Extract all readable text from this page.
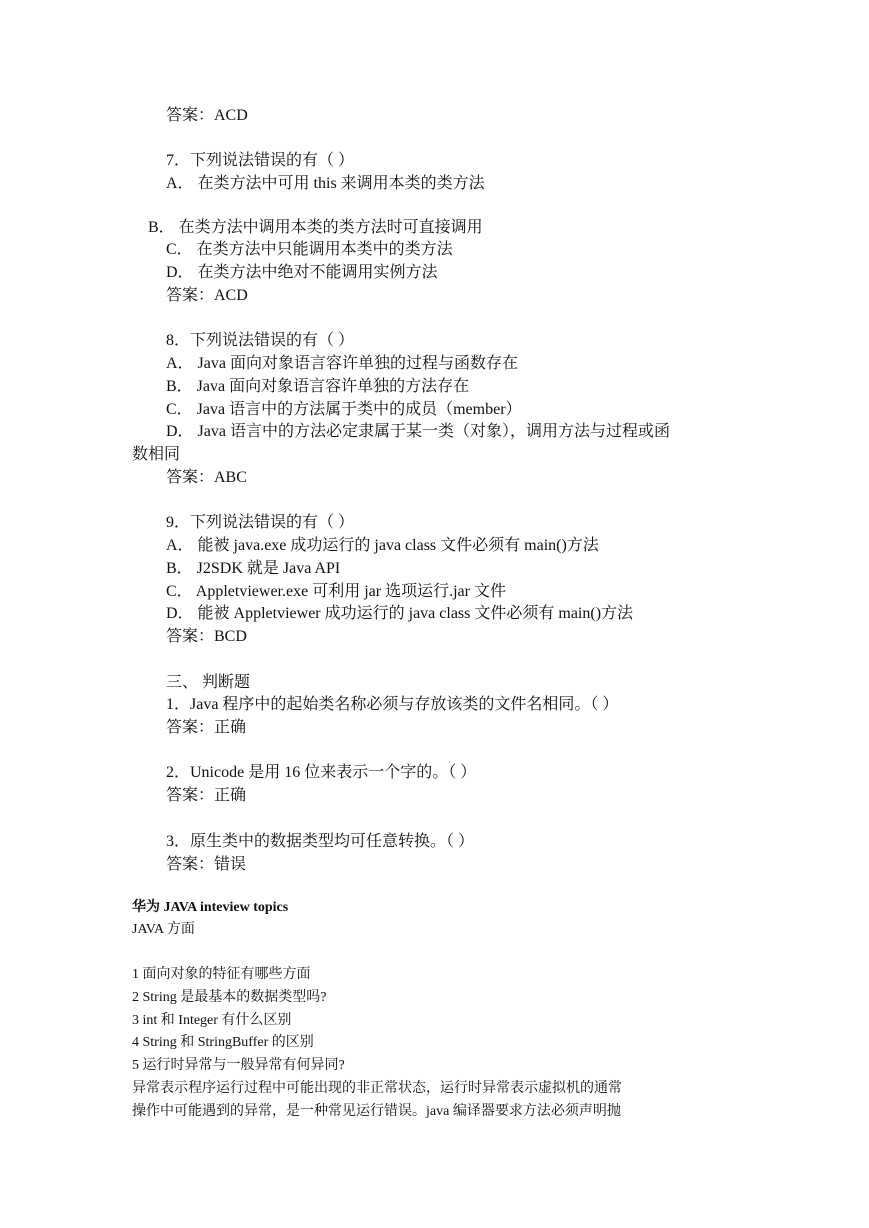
答案：ACD
7．下列说法错误的有（ ）
A． 在类方法中可用 this 来调用本类的类方法
B． 在类方法中调用本类的类方法时可直接调用
C． 在类方法中只能调用本类中的类方法
D． 在类方法中绝对不能调用实例方法
答案：ACD
8．下列说法错误的有（ ）
A． Java 面向对象语言容许单独的过程与函数存在
B． Java 面向对象语言容许单独的方法存在
C． Java 语言中的方法属于类中的成员（member）
D． Java 语言中的方法必定隶属于某一类（对象），调用方法与过程或函
数相同
答案：ABC
9．下列说法错误的有（ ）
A． 能被 java.exe 成功运行的 java class 文件必须有 main()方法
B． J2SDK 就是 Java API
C． Appletviewer.exe 可利用 jar 选项运行.jar 文件
D． 能被 Appletviewer 成功运行的 java class 文件必须有 main()方法
答案：BCD
三、 判断题
1．Java 程序中的起始类名称必须与存放该类的文件名相同。（ ）
答案：正确
2．Unicode 是用 16 位来表示一个字的。（ ）
答案：正确
3．原生类中的数据类型均可任意转换。（ ）
答案：错误
华为 JAVA inteview topics
JAVA 方面
1 面向对象的特征有哪些方面
2 String 是最基本的数据类型吗?
3 int 和 Integer 有什么区别
4 String 和 StringBuffer 的区别
5 运行时异常与一般异常有何异同?
异常表示程序运行过程中可能出现的非正常状态，运行时异常表示虚拟机的通常
操作中可能遇到的异常，是一种常见运行错误。java 编译器要求方法必须声明抛
